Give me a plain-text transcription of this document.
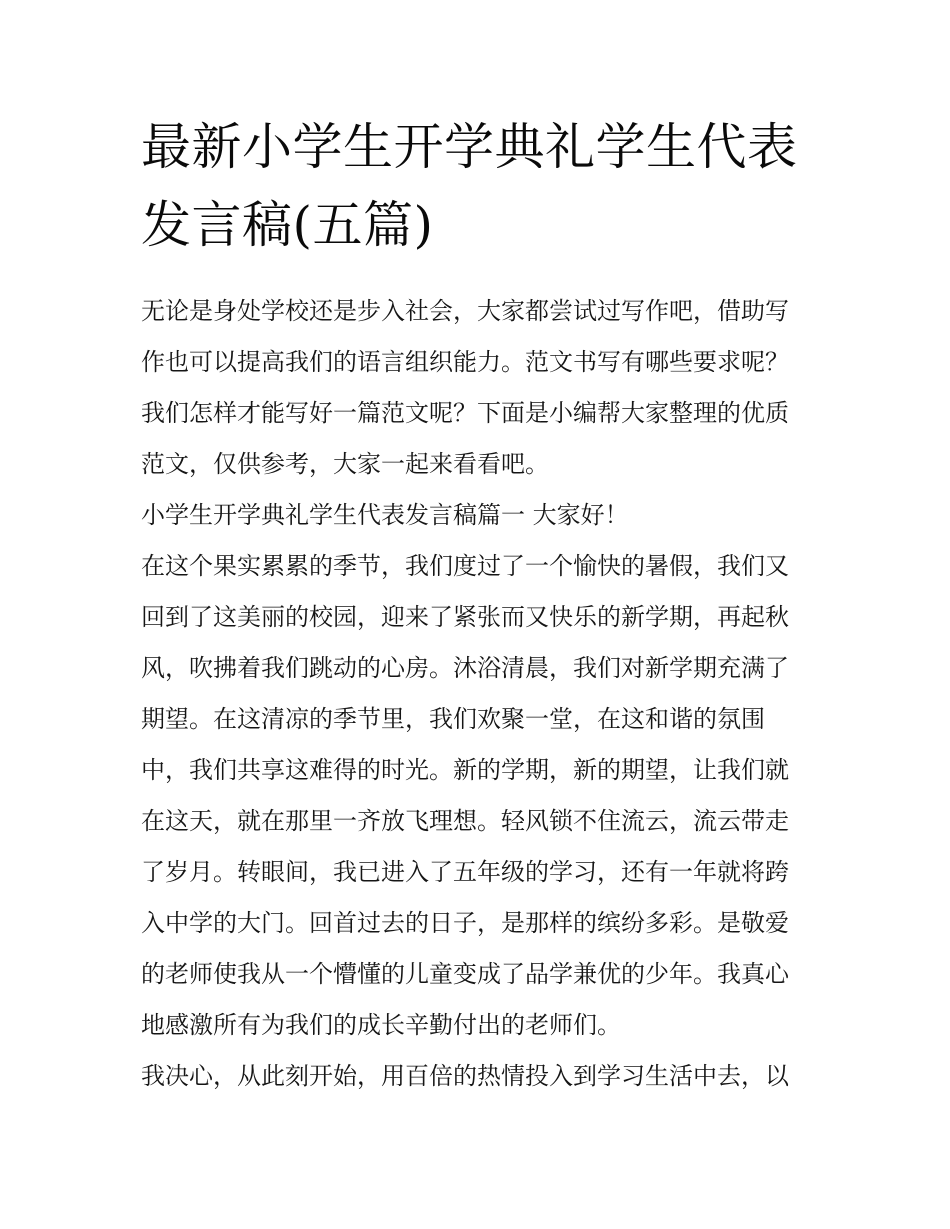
最新小学生开学典礼学生代表
发言稿(五篇)
无论是身处学校还是步入社会，大家都尝试过写作吧，借助写
作也可以提高我们的语言组织能力。范文书写有哪些要求呢？
我们怎样才能写好一篇范文呢？下面是小编帮大家整理的优质
范文，仅供参考，大家一起来看看吧。
小学生开学典礼学生代表发言稿篇一 大家好！
在这个果实累累的季节，我们度过了一个愉快的暑假，我们又
回到了这美丽的校园，迎来了紧张而又快乐的新学期，再起秋
风，吹拂着我们跳动的心房。沐浴清晨，我们对新学期充满了
期望。在这清凉的季节里，我们欢聚一堂，在这和谐的氛围
中，我们共享这难得的时光。新的学期，新的期望，让我们就
在这天，就在那里一齐放飞理想。轻风锁不住流云，流云带走
了岁月。转眼间，我已进入了五年级的学习，还有一年就将跨
入中学的大门。回首过去的日子，是那样的缤纷多彩。是敬爱
的老师使我从一个懵懂的儿童变成了品学兼优的少年。我真心
地感激所有为我们的成长辛勤付出的老师们。
我决心，从此刻开始，用百倍的热情投入到学习生活中去，以
